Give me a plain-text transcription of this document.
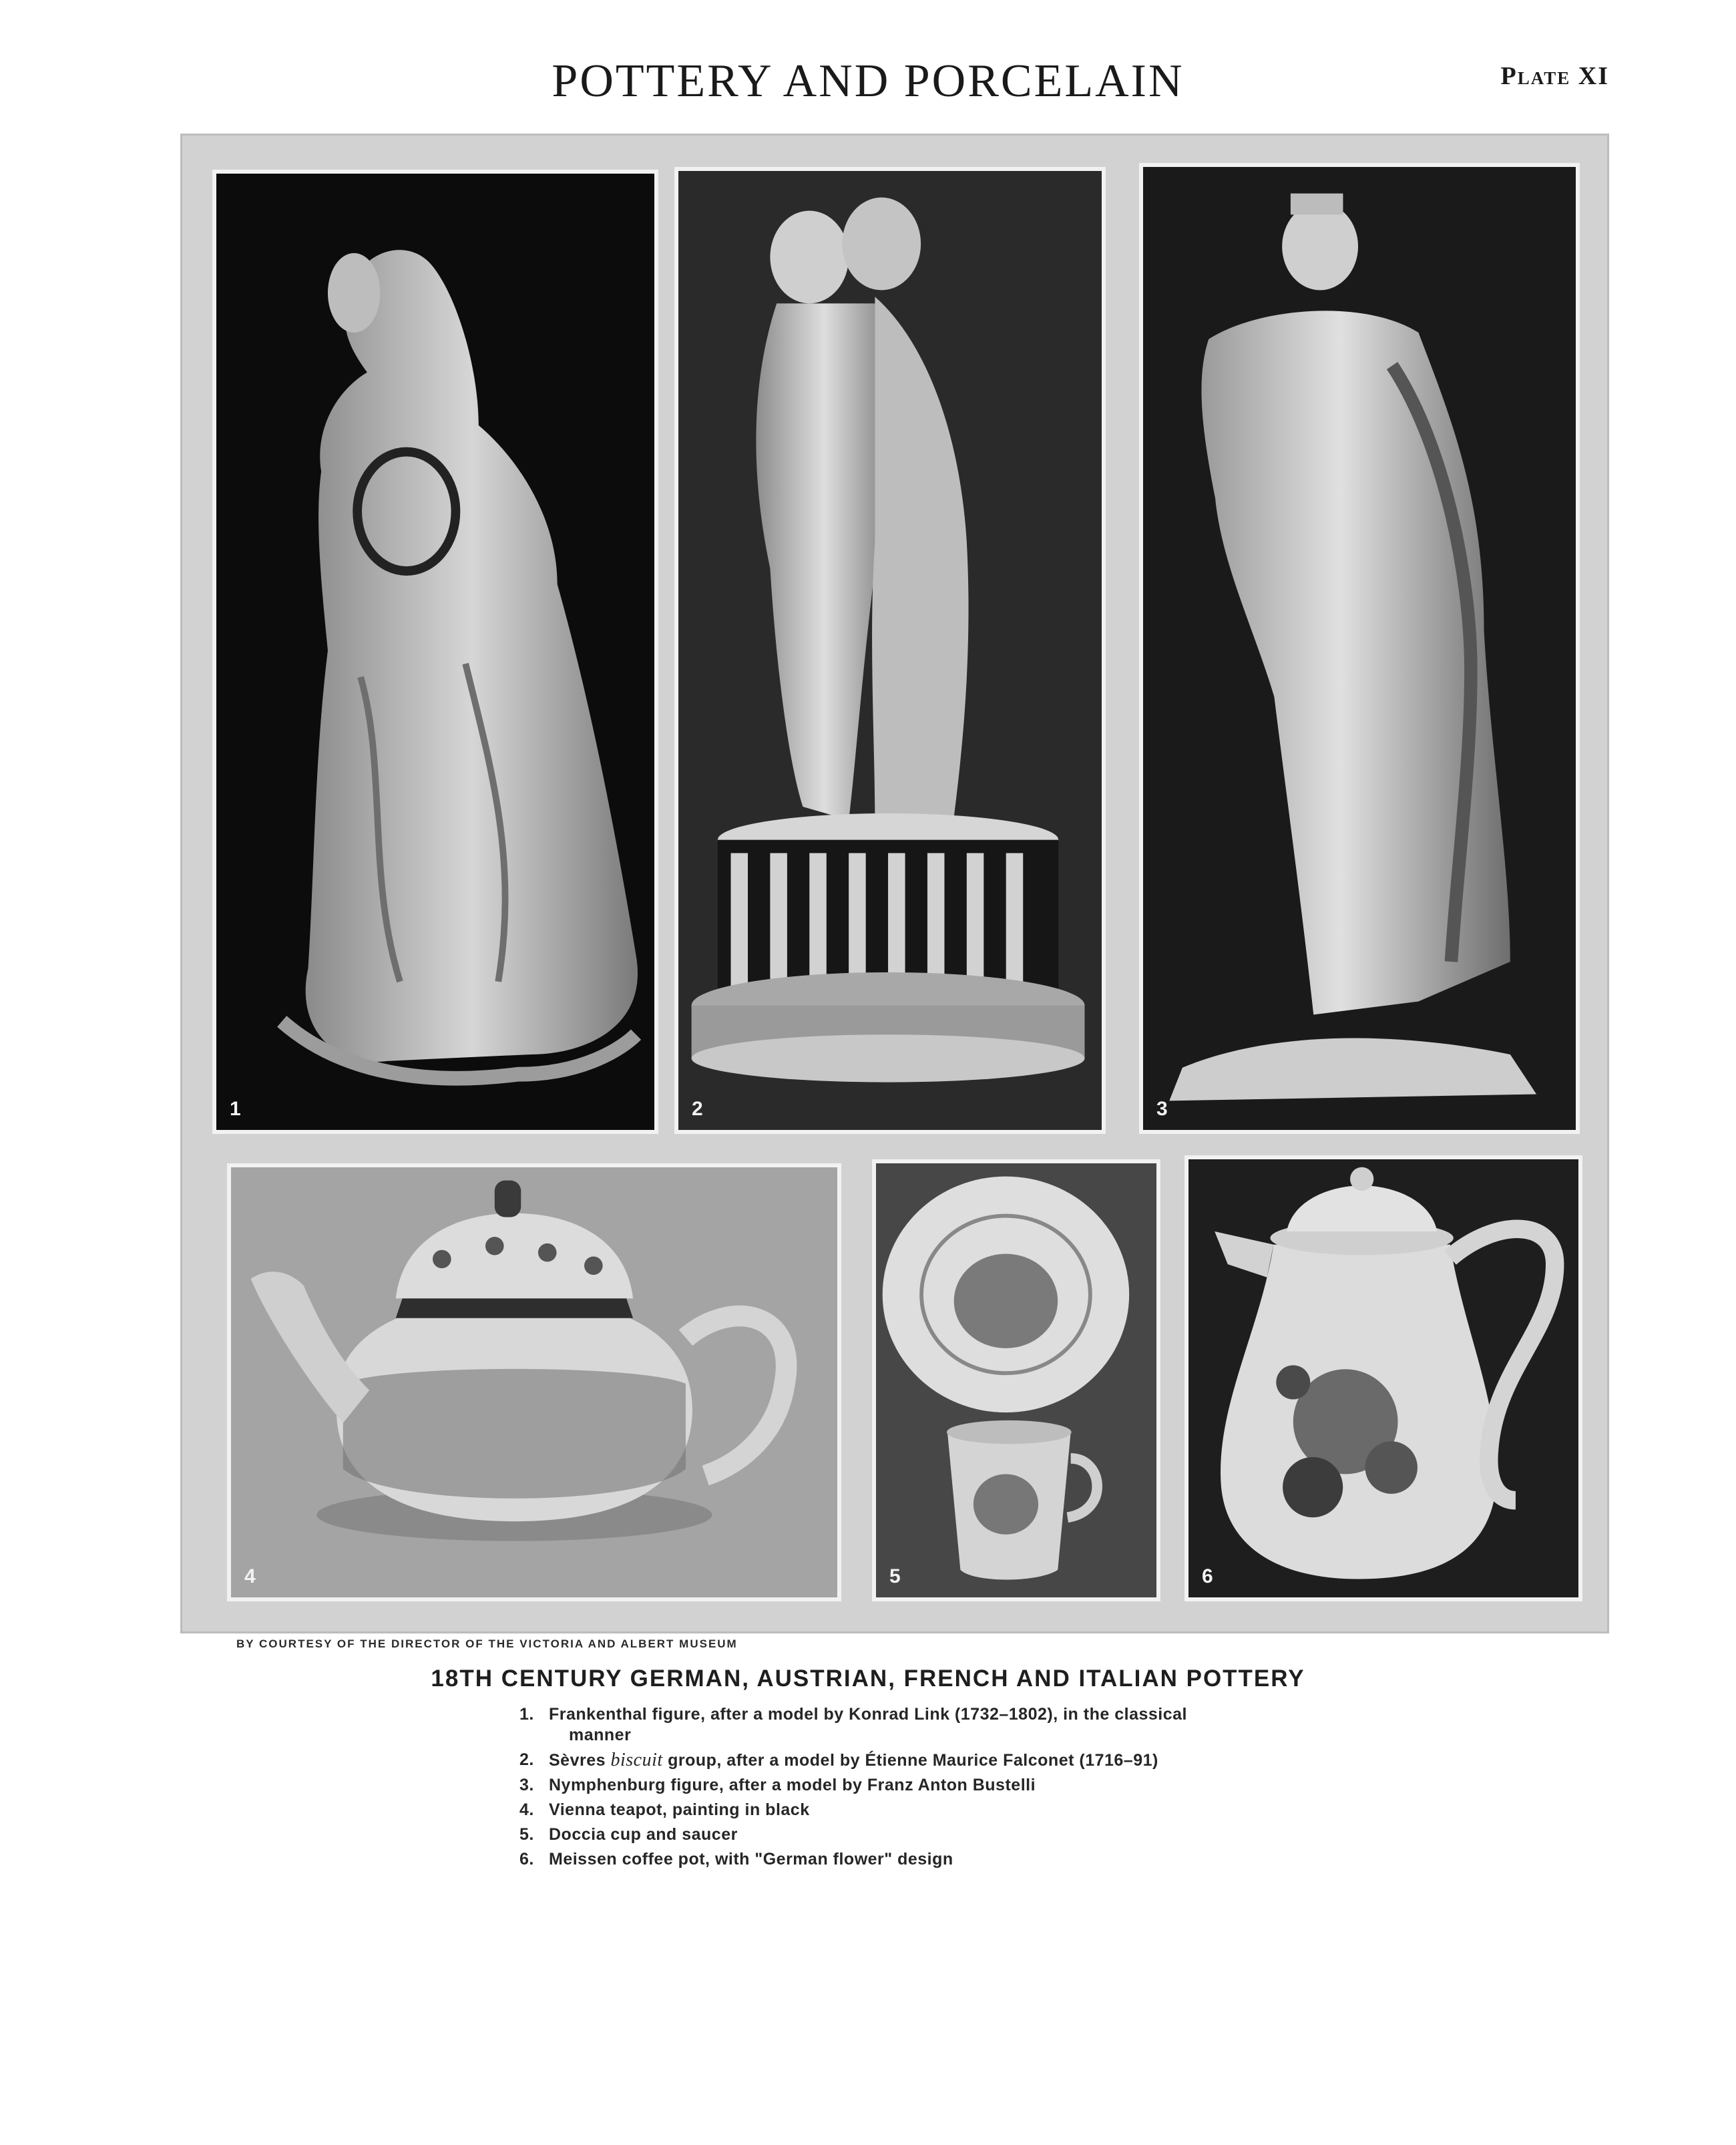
POTTERY AND PORCELAIN	Plate XI
1	2	3
4	5	6
BY COURTESY OF THE DIRECTOR OF THE VICTORIA AND ALBERT MUSEUM
18TH CENTURY GERMAN, AUSTRIAN, FRENCH AND ITALIAN POTTERY
1. Frankenthal figure, after a model by Konrad Link (1732–1802), in the classical
manner
2. Sèvres biscuit group, after a model by Étienne Maurice Falconet (1716–91)
3. Nymphenburg figure, after a model by Franz Anton Bustelli
4. Vienna teapot, painting in black
5. Doccia cup and saucer
6. Meissen coffee pot, with "German flower" design
